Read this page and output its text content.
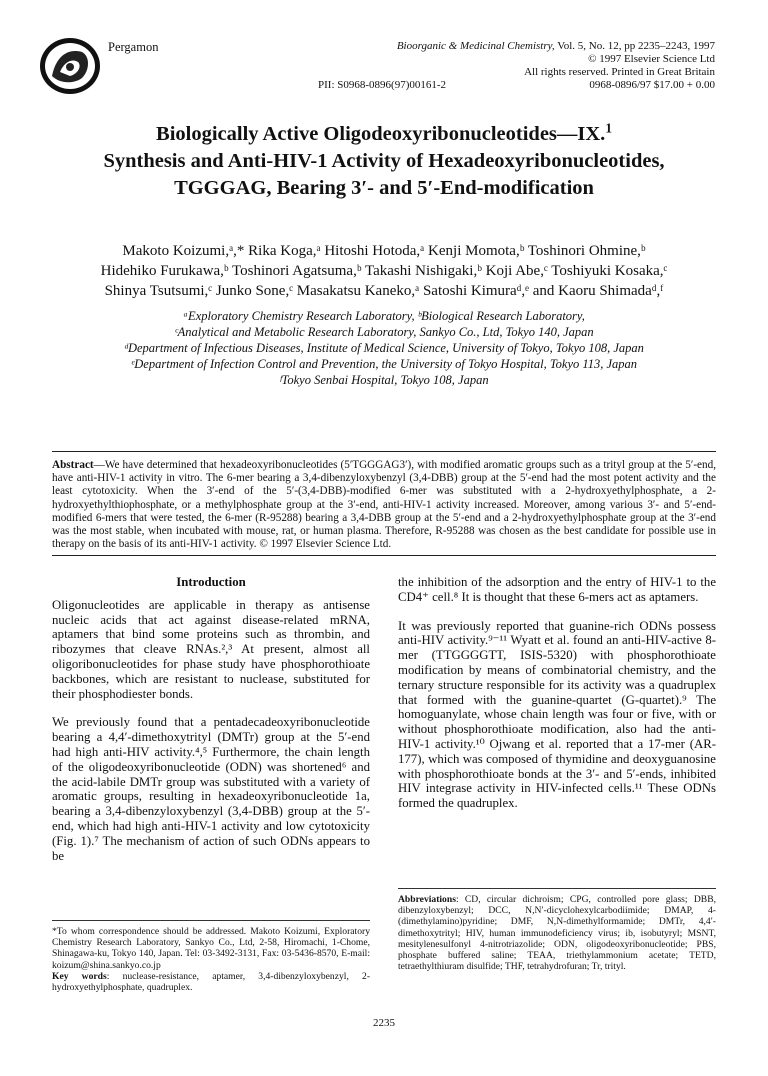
Pergamon	Bioorganic & Medicinal Chemistry, Vol. 5, No. 12, pp 2235–2243, 1997
© 1997 Elsevier Science Ltd
All rights reserved. Printed in Great Britain
0968-0896/97 $17.00 + 0.00
PII: S0968-0896(97)00161-2
Biologically Active Oligodeoxyribonucleotides—IX.$^1$
Synthesis and Anti-HIV-1 Activity of Hexadeoxyribonucleotides,
TGGGAG, Bearing 3′- and 5′-End-modification
Makoto Koizumi,ᵃ,* Rika Koga,ᵃ Hitoshi Hotoda,ᵃ Kenji Momota,ᵇ Toshinori Ohmine,ᵇ
Hidehiko Furukawa,ᵇ Toshinori Agatsuma,ᵇ Takashi Nishigaki,ᵇ Koji Abe,ᶜ Toshiyuki Kosaka,ᶜ
Shinya Tsutsumi,ᶜ Junko Sone,ᶜ Masakatsu Kaneko,ᵃ Satoshi Kimuraᵈ,ᵉ and Kaoru Shimadaᵈ,ᶠ
ᵃExploratory Chemistry Research Laboratory, ᵇBiological Research Laboratory,
ᶜAnalytical and Metabolic Research Laboratory, Sankyo Co., Ltd, Tokyo 140, Japan
ᵈDepartment of Infectious Diseases, Institute of Medical Science, University of Tokyo, Tokyo 108, Japan
ᵉDepartment of Infection Control and Prevention, the University of Tokyo Hospital, Tokyo 113, Japan
ᶠTokyo Senbai Hospital, Tokyo 108, Japan
Abstract—We have determined that hexadeoxyribonucleotides (5′TGGGAG3′), with modified aromatic groups such as a trityl group at the 5′-end, have anti-HIV-1 activity in vitro. The 6-mer bearing a 3,4-dibenzyloxybenzyl (3,4-DBB) group at the 5′-end had the most potent activity and the least cytotoxicity. When the 3′-end of the 5′-(3,4-DBB)-modified 6-mer was substituted with a 2-hydroxyethylphosphate, a 2-hydroxyethylthiophosphate, or a methylphosphate group at the 3′-end, anti-HIV-1 activity increased. Moreover, among various 3′- and 5′-end-modified 6-mers that were tested, the 6-mer (R-95288) bearing a 3,4-DBB group at the 5′-end and a 2-hydroxyethylphosphate group at the 3′-end was the most stable, when incubated with mouse, rat, or human plasma. Therefore, R-95288 was chosen as the best candidate for possible use in therapy on the basis of its anti-HIV-1 activity. © 1997 Elsevier Science Ltd.
Introduction

Oligonucleotides are applicable in therapy as antisense nucleic acids that act against disease-related mRNA, aptamers that bind some proteins such as thrombin, and ribozymes that cleave RNAs.²,³ At present, almost all oligoribonucleotides for phase study have phosphorothioate backbones, which are resistant to nuclease, substituted for their phosphodiester bonds.

We previously found that a pentadecadeoxyribonucleotide bearing a 4,4′-dimethoxytrityl (DMTr) group at the 5′-end had high anti-HIV activity.⁴,⁵ Furthermore, the chain length of the oligodeoxyribonucleotide (ODN) was shortened⁶ and the acid-labile DMTr group was substituted with a variety of aromatic groups, resulting in hexadeoxyribonucleotide 1a, bearing a 3,4-dibenzyloxybenzyl (3,4-DBB) group at the 5′-end, which had high anti-HIV-1 activity and low cytotoxicity (Fig. 1).⁷ The mechanism of action of such ODNs appears to be

the inhibition of the adsorption and the entry of HIV-1 to the CD4⁺ cell.⁸ It is thought that these 6-mers act as aptamers.

It was previously reported that guanine-rich ODNs possess anti-HIV activity.⁹⁻¹¹ Wyatt et al. found an anti-HIV-active 8-mer (TTGGGGTT, ISIS-5320) with phosphorothioate modification by means of combinatorial chemistry, and the ternary structure responsible for its activity was a quadruplex that formed with the guanine-quartet (G-quartet).⁹ The homoguanylate, whose chain length was four or five, with or without phosphorothioate modification, also had the anti-HIV-1 activity.¹⁰ Ojwang et al. reported that a 17-mer (AR-177), which was composed of thymidine and deoxyguanosine with phosphorothioate bonds at the 3′- and 5′-ends, inhibited HIV integrase activity in HIV-infected cells.¹¹ These ODNs formed the quadruplex.

Abbreviations: CD, circular dichroism; CPG, controlled pore glass; DBB, dibenzyloxybenzyl; DCC, N,N′-dicyclohexylcarbodiimide; DMAP, 4-(dimethylamino)pyridine; DMF, N,N-dimethylformamide; DMTr, 4,4′-dimethoxytrityl; HIV, human immunodeficiency virus; ib, isobutyryl; MSNT, mesitylenesulfonyl 4-nitrotriazolide; ODN, oligodeoxyribonucleotide; PBS, phosphate buffered saline; TEAA, triethylammonium acetate; TETD, tetraethylthiuram disulfide; THF, tetrahydrofuran; Tr, trityl.
*To whom correspondence should be addressed. Makoto Koizumi, Exploratory Chemistry Research Laboratory, Sankyo Co., Ltd, 2-58, Hiromachi, 1-Chome, Shinagawa-ku, Tokyo 140, Japan. Tel: 03-3492-3131, Fax: 03-5436-8570, E-mail: koizum@shina.sankyo.co.jp
Key words: nuclease-resistance, aptamer, 3,4-dibenzyloxybenzyl, 2-hydroxyethylphosphate, quadruplex.
2235
